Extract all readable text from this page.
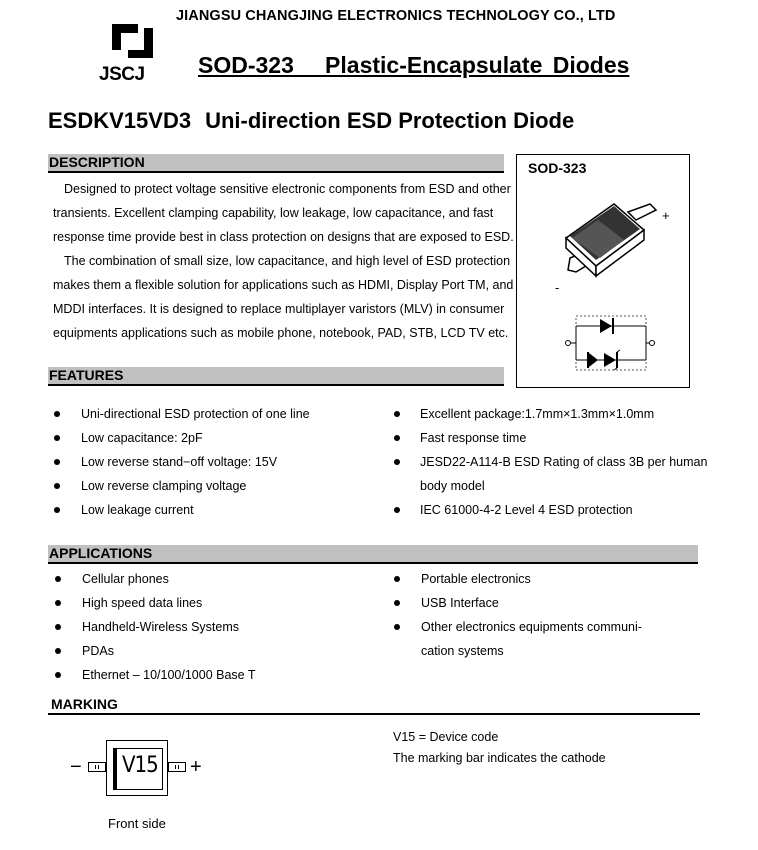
JIANGSU CHANGJING ELECTRONICS TECHNOLOGY CO., LTD
JSCJ SOD-323   Plastic-Encapsulate Diodes
ESDKV15VD3 Uni-direction ESD Protection Diode
DESCRIPTION
Designed to protect voltage sensitive electronic components from ESD and other
transients. Excellent clamping capability, low leakage, low capacitance, and fast
response time provide best in class protection on designs that are exposed to ESD.
The combination of small size, low capacitance, and high level of ESD protection
makes them a flexible solution for applications such as HDMI, Display Port TM, and
MDDI interfaces. It is designed to replace multiplayer varistors (MLV) in consumer
equipments applications such as mobile phone, notebook, PAD, STB, LCD TV etc.
SOD-323
+
-
FEATURES
Uni-directional ESD protection of one line
Low capacitance: 2pF
Low reverse stand−off voltage: 15V
Low reverse clamping voltage
Low leakage current
Excellent package:1.7mm×1.3mm×1.0mm
Fast response time
JESD22-A114-B ESD Rating of class 3B per human
body model
IEC 61000-4-2 Level 4 ESD protection
APPLICATIONS
Cellular phones
High speed data lines
Handheld-Wireless Systems
PDAs
Ethernet – 10/100/1000 Base T
Portable electronics
USB Interface
Other electronics equipments communi-
cation systems
MARKING
− V15 +
Front side
V15 = Device code
The marking bar indicates the cathode
